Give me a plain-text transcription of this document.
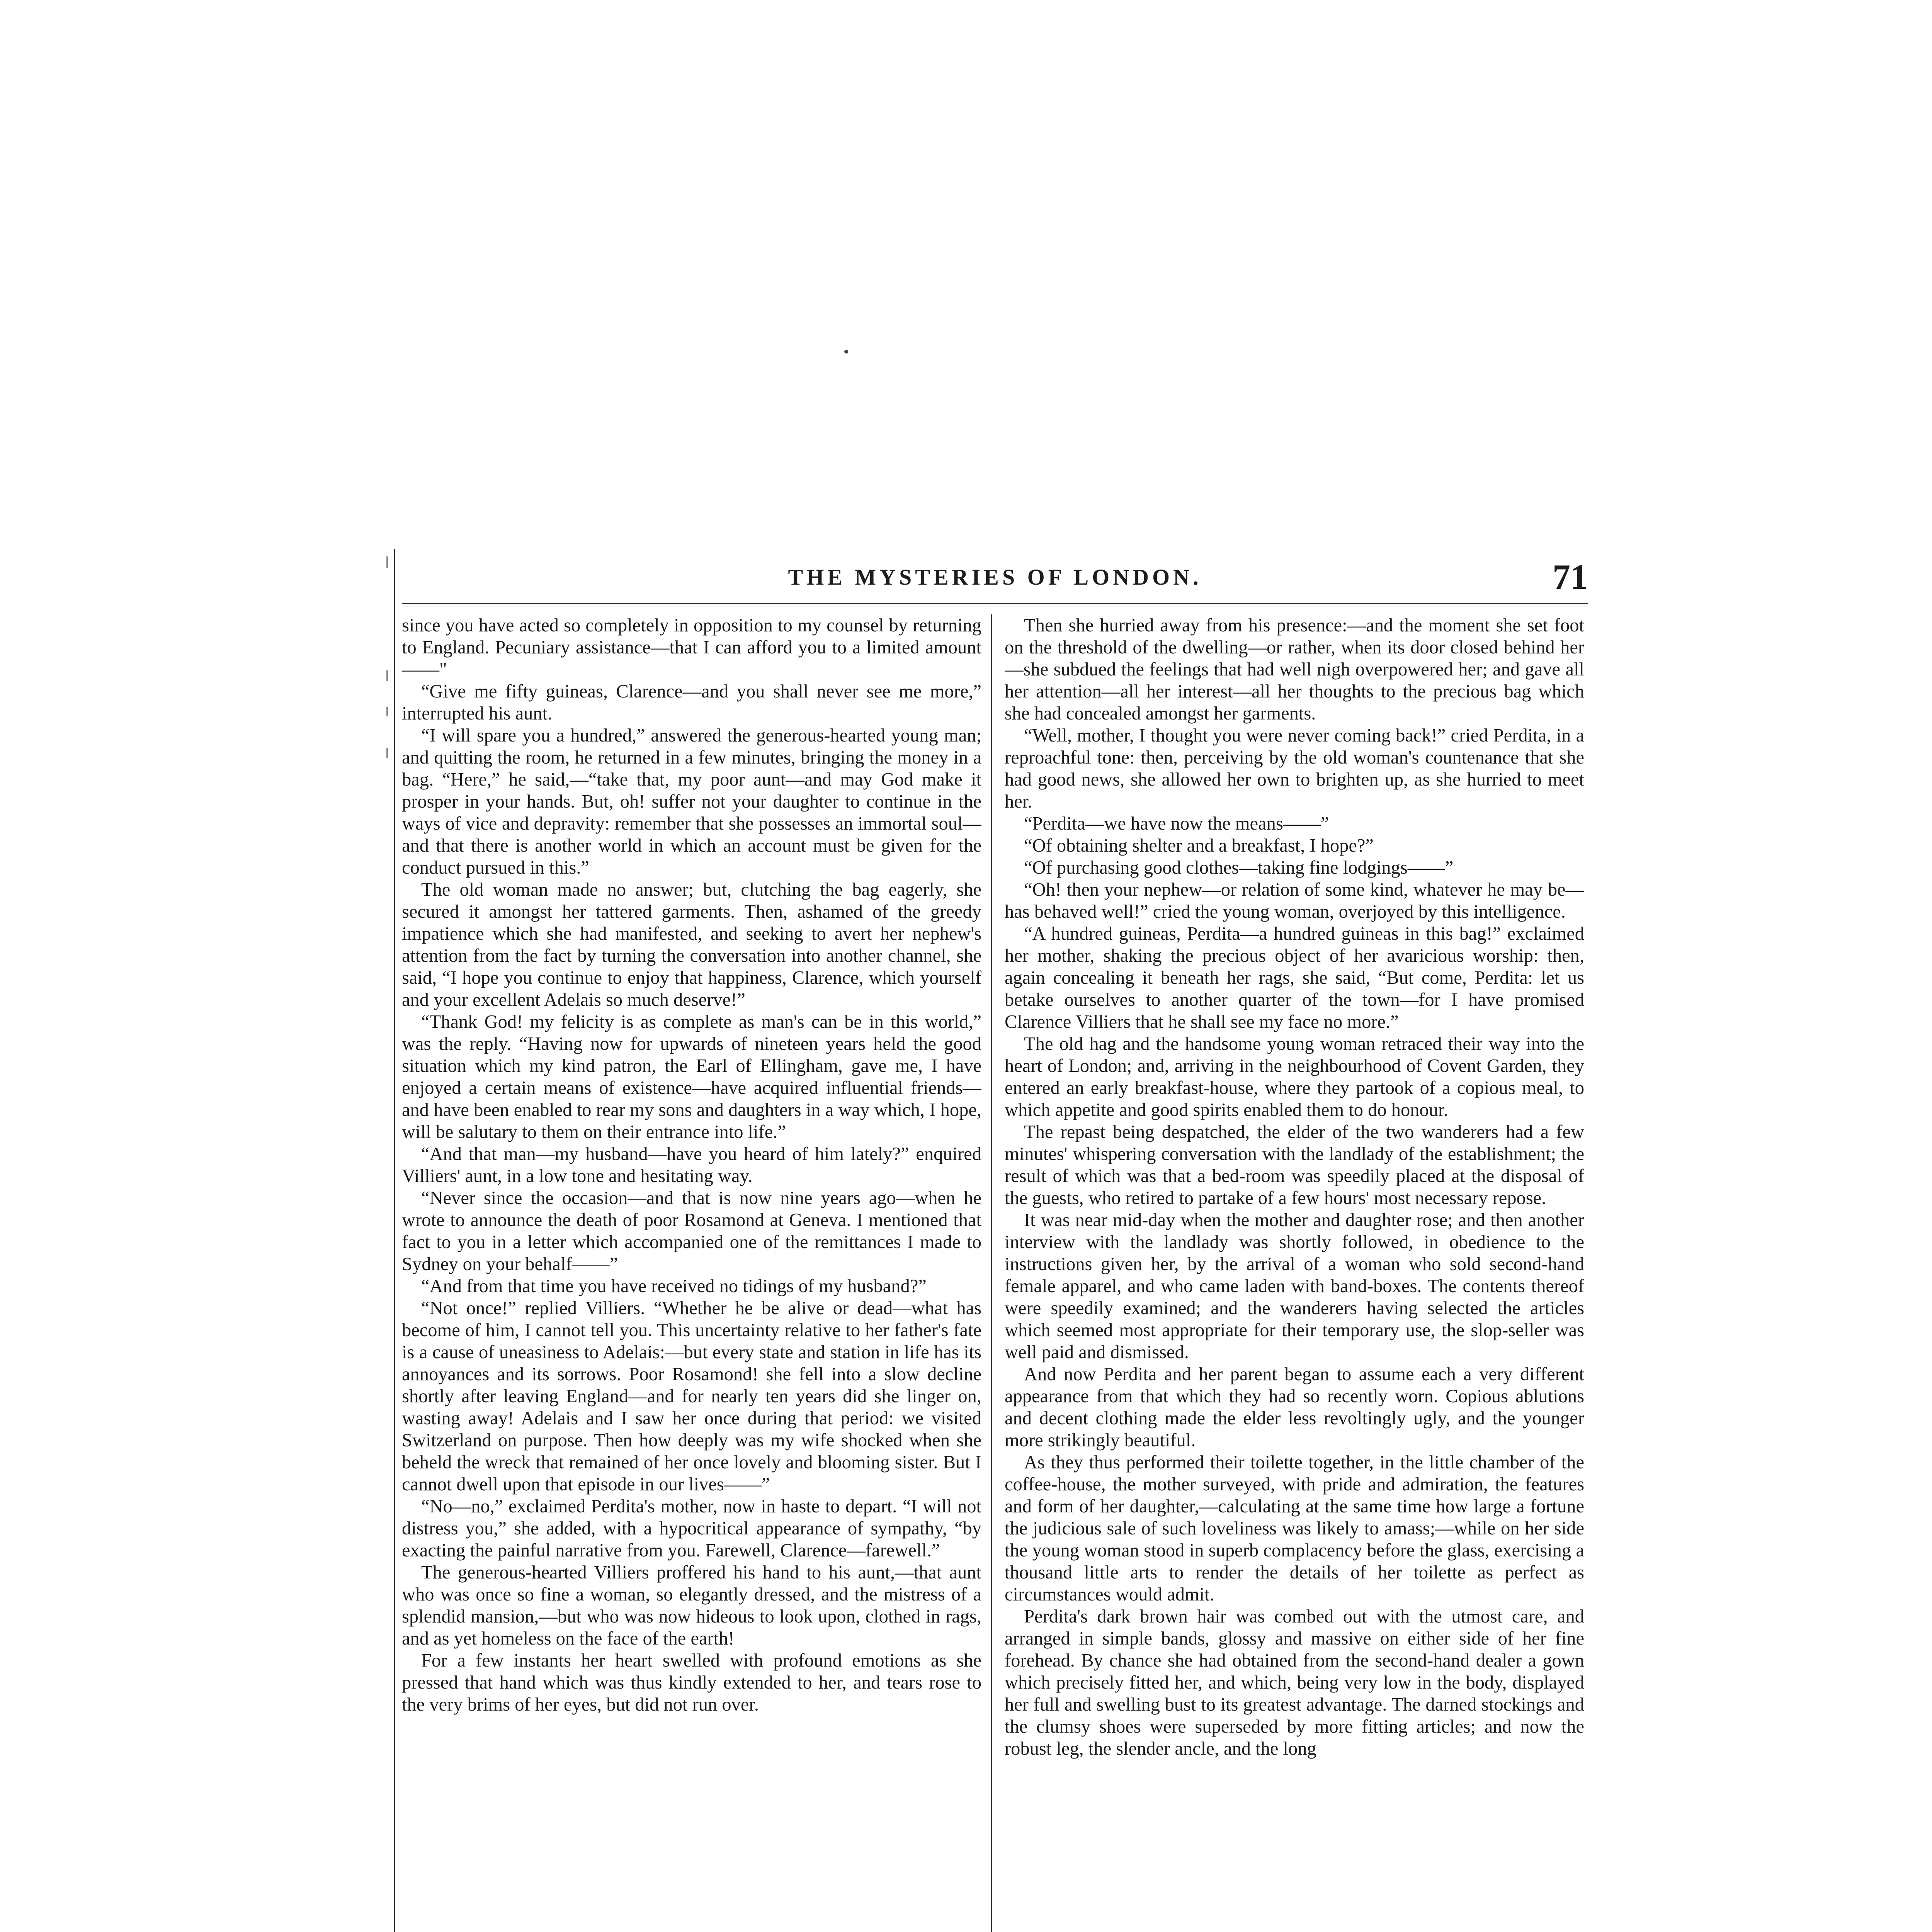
THE MYSTERIES OF LONDON.	71

since you have acted so completely in opposition to my counsel by returning to England. Pecuniary assistance—that I can afford you to a limited amount——"

“Give me fifty guineas, Clarence—and you shall never see me more,” interrupted his aunt.

“I will spare you a hundred,” answered the generous-hearted young man; and quitting the room, he returned in a few minutes, bringing the money in a bag. “Here,” he said,—“take that, my poor aunt—and may God make it prosper in your hands. But, oh! suffer not your daughter to continue in the ways of vice and depravity: remember that she possesses an immortal soul—and that there is another world in which an account must be given for the conduct pursued in this.”

The old woman made no answer; but, clutching the bag eagerly, she secured it amongst her tattered garments. Then, ashamed of the greedy impatience which she had manifested, and seeking to avert her nephew's attention from the fact by turning the conversation into another channel, she said, “I hope you continue to enjoy that happiness, Clarence, which yourself and your excellent Adelais so much deserve!”

“Thank God! my felicity is as complete as man's can be in this world,” was the reply. “Having now for upwards of nineteen years held the good situation which my kind patron, the Earl of Ellingham, gave me, I have enjoyed a certain means of existence—have acquired influential friends—and have been enabled to rear my sons and daughters in a way which, I hope, will be salutary to them on their entrance into life.”

“And that man—my husband—have you heard of him lately?” enquired Villiers' aunt, in a low tone and hesitating way.

“Never since the occasion—and that is now nine years ago—when he wrote to announce the death of poor Rosamond at Geneva. I mentioned that fact to you in a letter which accompanied one of the remittances I made to Sydney on your behalf——”

“And from that time you have received no tidings of my husband?”

“Not once!” replied Villiers. “Whether he be alive or dead—what has become of him, I cannot tell you. This uncertainty relative to her father's fate is a cause of uneasiness to Adelais:—but every state and station in life has its annoyances and its sorrows. Poor Rosamond! she fell into a slow decline shortly after leaving England—and for nearly ten years did she linger on, wasting away! Adelais and I saw her once during that period: we visited Switzerland on purpose. Then how deeply was my wife shocked when she beheld the wreck that remained of her once lovely and blooming sister. But I cannot dwell upon that episode in our lives——”

“No—no,” exclaimed Perdita's mother, now in haste to depart. “I will not distress you,” she added, with a hypocritical appearance of sympathy, “by exacting the painful narrative from you. Farewell, Clarence—farewell.”

The generous-hearted Villiers proffered his hand to his aunt,—that aunt who was once so fine a woman, so elegantly dressed, and the mistress of a splendid mansion,—but who was now hideous to look upon, clothed in rags, and as yet homeless on the face of the earth!

For a few instants her heart swelled with profound emotions as she pressed that hand which was thus kindly extended to her, and tears rose to the very brims of her eyes, but did not run over.

Then she hurried away from his presence:—and the moment she set foot on the threshold of the dwelling—or rather, when its door closed behind her—she subdued the feelings that had well nigh overpowered her; and gave all her attention—all her interest—all her thoughts to the precious bag which she had concealed amongst her garments.

“Well, mother, I thought you were never coming back!” cried Perdita, in a reproachful tone: then, perceiving by the old woman's countenance that she had good news, she allowed her own to brighten up, as she hurried to meet her.

“Perdita—we have now the means——”

“Of obtaining shelter and a breakfast, I hope?”

“Of purchasing good clothes—taking fine lodgings——”

“Oh! then your nephew—or relation of some kind, whatever he may be—has behaved well!” cried the young woman, overjoyed by this intelligence.

“A hundred guineas, Perdita—a hundred guineas in this bag!” exclaimed her mother, shaking the precious object of her avaricious worship: then, again concealing it beneath her rags, she said, “But come, Perdita: let us betake ourselves to another quarter of the town—for I have promised Clarence Villiers that he shall see my face no more.”

The old hag and the handsome young woman retraced their way into the heart of London; and, arriving in the neighbourhood of Covent Garden, they entered an early breakfast-house, where they partook of a copious meal, to which appetite and good spirits enabled them to do honour.

The repast being despatched, the elder of the two wanderers had a few minutes' whispering conversation with the landlady of the establishment; the result of which was that a bed-room was speedily placed at the disposal of the guests, who retired to partake of a few hours' most necessary repose.

It was near mid-day when the mother and daughter rose; and then another interview with the landlady was shortly followed, in obedience to the instructions given her, by the arrival of a woman who sold second-hand female apparel, and who came laden with band-boxes. The contents thereof were speedily examined; and the wanderers having selected the articles which seemed most appropriate for their temporary use, the slop-seller was well paid and dismissed.

And now Perdita and her parent began to assume each a very different appearance from that which they had so recently worn. Copious ablutions and decent clothing made the elder less revoltingly ugly, and the younger more strikingly beautiful.

As they thus performed their toilette together, in the little chamber of the coffee-house, the mother surveyed, with pride and admiration, the features and form of her daughter,—calculating at the same time how large a fortune the judicious sale of such loveliness was likely to amass;—while on her side the young woman stood in superb complacency before the glass, exercising a thousand little arts to render the details of her toilette as perfect as circumstances would admit.

Perdita's dark brown hair was combed out with the utmost care, and arranged in simple bands, glossy and massive on either side of her fine forehead. By chance she had obtained from the second-hand dealer a gown which precisely fitted her, and which, being very low in the body, displayed her full and swelling bust to its greatest advantage. The darned stockings and the clumsy shoes were superseded by more fitting articles; and now the robust leg, the slender ancle, and the long
